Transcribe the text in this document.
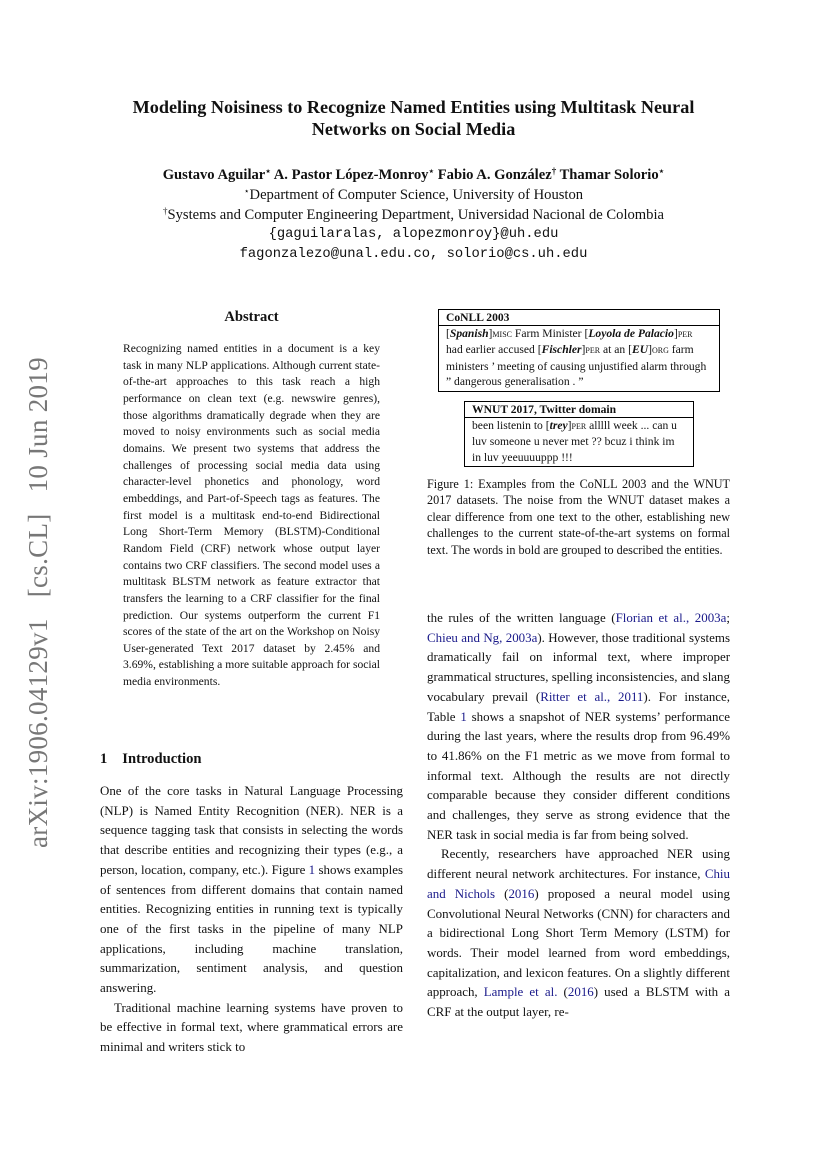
arXiv:1906.04129v1 [cs.CL] 10 Jun 2019
Modeling Noisiness to Recognize Named Entities using Multitask Neural
Networks on Social Media
Gustavo Aguilar⋆ A. Pastor López-Monroy⋆ Fabio A. González† Thamar Solorio⋆
⋆Department of Computer Science, University of Houston
†Systems and Computer Engineering Department, Universidad Nacional de Colombia
{gaguilaralas, alopezmonroy}@uh.edu
fagonzalezo@unal.edu.co, solorio@cs.uh.edu
Abstract
Recognizing named entities in a document is a key task in many NLP applications. Although current state-of-the-art approaches to this task reach a high performance on clean text (e.g. newswire genres), those algorithms dramatically degrade when they are moved to noisy environments such as social media domains. We present two systems that address the challenges of processing social media data using character-level phonetics and phonology, word embeddings, and Part-of-Speech tags as features. The first model is a multitask end-to-end Bidirectional Long Short-Term Memory (BLSTM)-Conditional Random Field (CRF) network whose output layer contains two CRF classifiers. The second model uses a multitask BLSTM network as feature extractor that transfers the learning to a CRF classifier for the final prediction. Our systems outperform the current F1 scores of the state of the art on the Workshop on Noisy User-generated Text 2017 dataset by 2.45% and 3.69%, establishing a more suitable approach for social media environments.
CoNLL 2003
[Spanish]MISC Farm Minister [Loyola de Palacio]PER had earlier accused [Fischler]PER at an [EU]ORG farm ministers ’ meeting of causing unjustified alarm through ” dangerous generalisation . ”
WNUT 2017, Twitter domain
been listenin to [trey]PER alllll week ... can u luv someone u never met ?? bcuz i think im in luv yeeuuuuppp !!!
Figure 1: Examples from the CoNLL 2003 and the WNUT 2017 datasets. The noise from the WNUT dataset makes a clear difference from one text to the other, establishing new challenges to the current state-of-the-art systems on formal text. The words in bold are grouped to described the entities.
1 Introduction

One of the core tasks in Natural Language Processing (NLP) is Named Entity Recognition (NER). NER is a sequence tagging task that consists in selecting the words that describe entities and recognizing their types (e.g., a person, location, company, etc.). Figure 1 shows examples of sentences from different domains that contain named entities. Recognizing entities in running text is typically one of the first tasks in the pipeline of many NLP applications, including machine translation, summarization, sentiment analysis, and question answering.

Traditional machine learning systems have proven to be effective in formal text, where grammatical errors are minimal and writers stick to

the rules of the written language (Florian et al., 2003a; Chieu and Ng, 2003a). However, those traditional systems dramatically fail on informal text, where improper grammatical structures, spelling inconsistencies, and slang vocabulary prevail (Ritter et al., 2011). For instance, Table 1 shows a snapshot of NER systems’ performance during the last years, where the results drop from 96.49% to 41.86% on the F1 metric as we move from formal to informal text. Although the results are not directly comparable because they consider different conditions and challenges, they serve as strong evidence that the NER task in social media is far from being solved.

Recently, researchers have approached NER using different neural network architectures. For instance, Chiu and Nichols (2016) proposed a neural model using Convolutional Neural Networks (CNN) for characters and a bidirectional Long Short Term Memory (LSTM) for words. Their model learned from word embeddings, capitalization, and lexicon features. On a slightly different approach, Lample et al. (2016) used a BLSTM with a CRF at the output layer, re-
